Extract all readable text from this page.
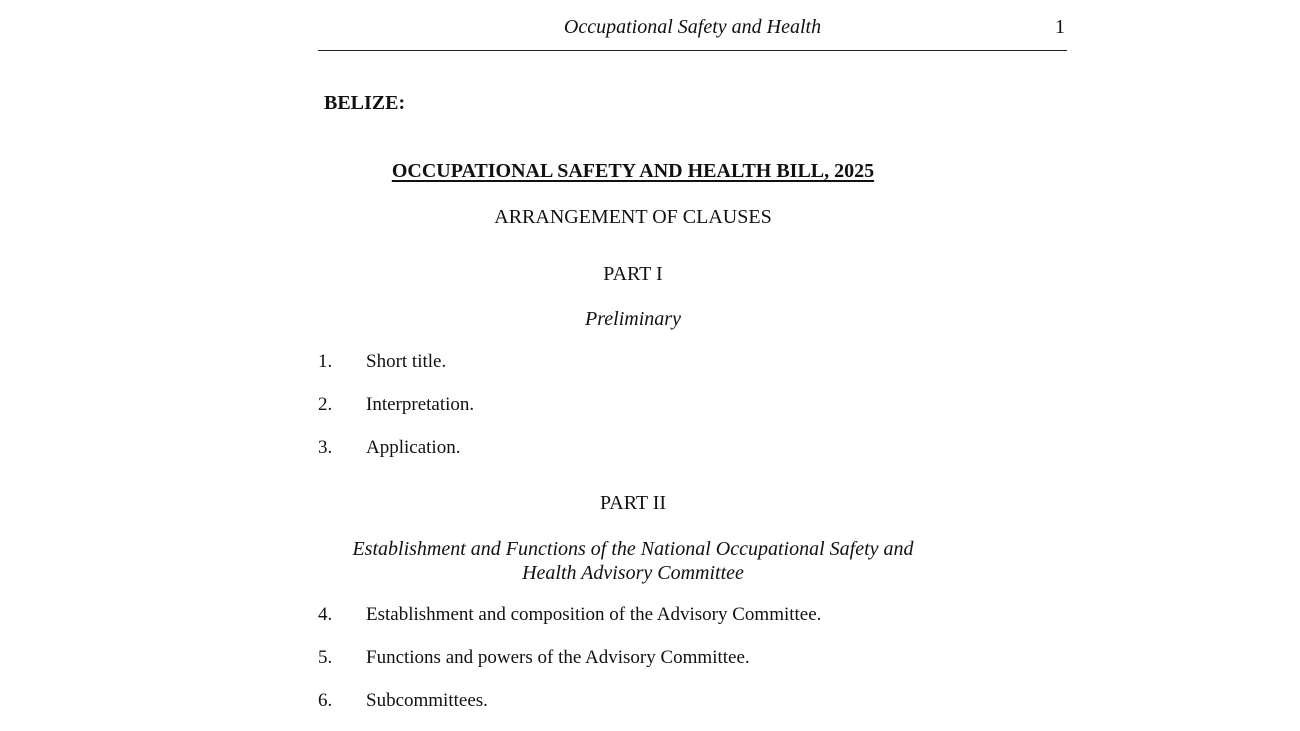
Occupational Safety and Health	1
BELIZE:
OCCUPATIONAL SAFETY AND HEALTH BILL, 2025
ARRANGEMENT OF CLAUSES
PART I
Preliminary
1. Short title.
2. Interpretation.
3. Application.
PART II
Establishment and Functions of the National Occupational Safety and
Health Advisory Committee
4. Establishment and composition of the Advisory Committee.
5. Functions and powers of the Advisory Committee.
6. Subcommittees.
